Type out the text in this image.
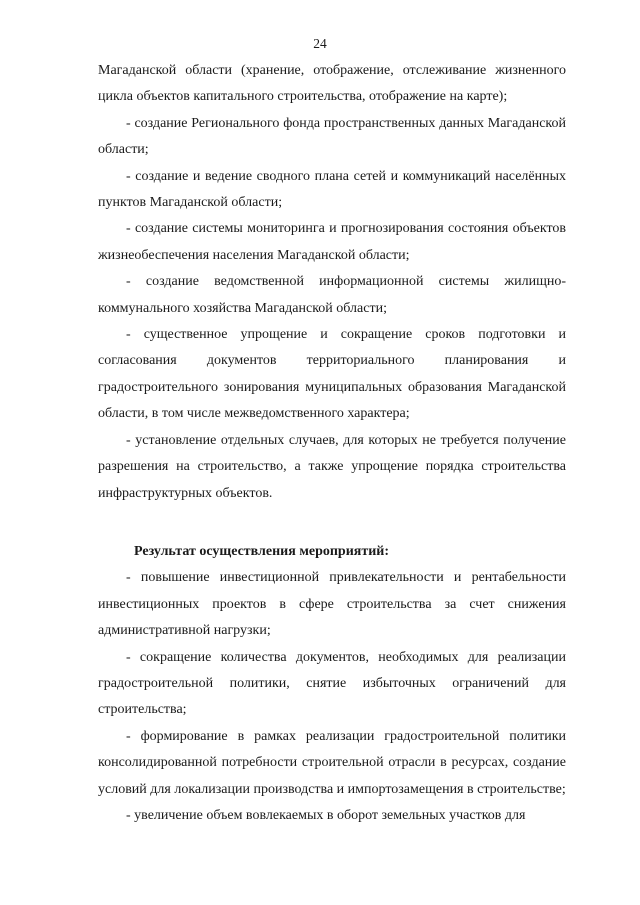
24

Магаданской области (хранение, отображение, отслеживание жизненного цикла объектов капитального строительства, отображение на карте);

- создание Регионального фонда пространственных данных Магаданской области;

- создание и ведение сводного плана сетей и коммуникаций населённых пунктов Магаданской области;

- создание системы мониторинга и прогнозирования состояния объектов жизнеобеспечения населения Магаданской области;

- создание ведомственной информационной системы жилищно-коммунального хозяйства Магаданской области;

- существенное упрощение и сокращение сроков подготовки и согласования документов территориального планирования и градостроительного зонирования муниципальных образования Магаданской области, в том числе межведомственного характера;

- установление отдельных случаев, для которых не требуется получение разрешения на строительство, а также упрощение порядка строительства инфраструктурных объектов.

Результат осуществления мероприятий:

- повышение инвестиционной привлекательности и рентабельности инвестиционных проектов в сфере строительства за счет снижения административной нагрузки;

- сокращение количества документов, необходимых для реализации градостроительной политики, снятие избыточных ограничений для строительства;

- формирование в рамках реализации градостроительной политики консолидированной потребности строительной отрасли в ресурсах, создание условий для локализации производства и импортозамещения в строительстве;

- увеличение объем вовлекаемых в оборот земельных участков для
